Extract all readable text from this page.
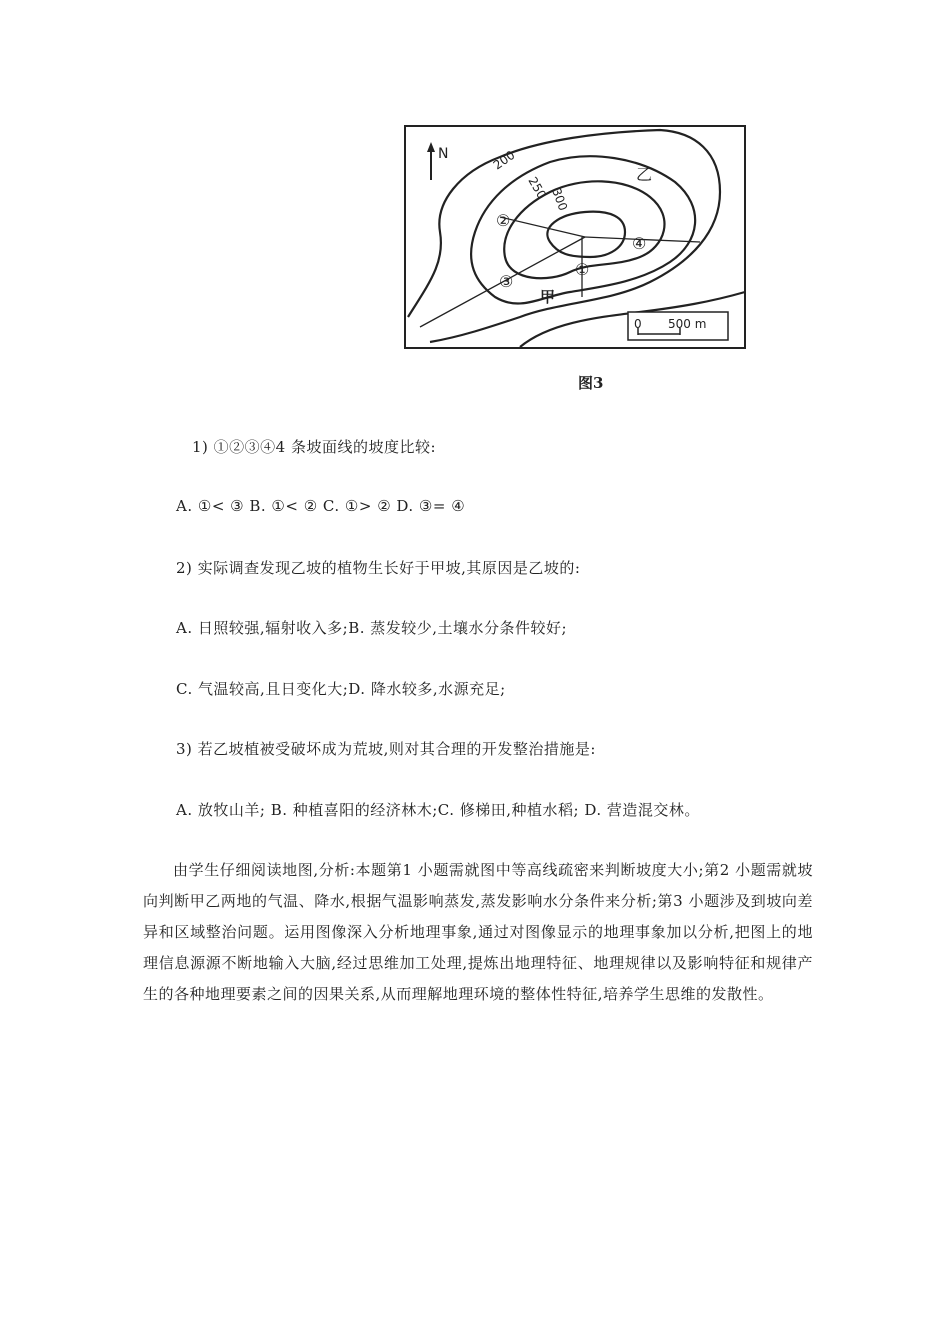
N	200
250 300
乙
甲
①
②
③
④
0 500 m
图3
1) ①②③④4 条坡面线的坡度比较:
A. ①< ③ B. ①< ② C. ①> ② D. ③= ④
2) 实际调查发现乙坡的植物生长好于甲坡,其原因是乙坡的:
A. 日照较强,辐射收入多;B. 蒸发较少,土壤水分条件较好;
C. 气温较高,且日变化大;D. 降水较多,水源充足;
3) 若乙坡植被受破坏成为荒坡,则对其合理的开发整治措施是:
A. 放牧山羊; B. 种植喜阳的经济林木;C. 修梯田,种植水稻; D. 营造混交林。
由学生仔细阅读地图,分析:本题第1 小题需就图中等高线疏密来判断坡度大小;第2 小题需就坡向判断甲乙两地的气温、降水,根据气温影响蒸发,蒸发影响水分条件来分析;第3 小题涉及到坡向差异和区域整治问题。运用图像深入分析地理事象,通过对图像显示的地理事象加以分析,把图上的地理信息源源不断地输入大脑,经过思维加工处理,提炼出地理特征、地理规律以及影响特征和规律产生的各种地理要素之间的因果关系,从而理解地理环境的整体性特征,培养学生思维的发散性。
